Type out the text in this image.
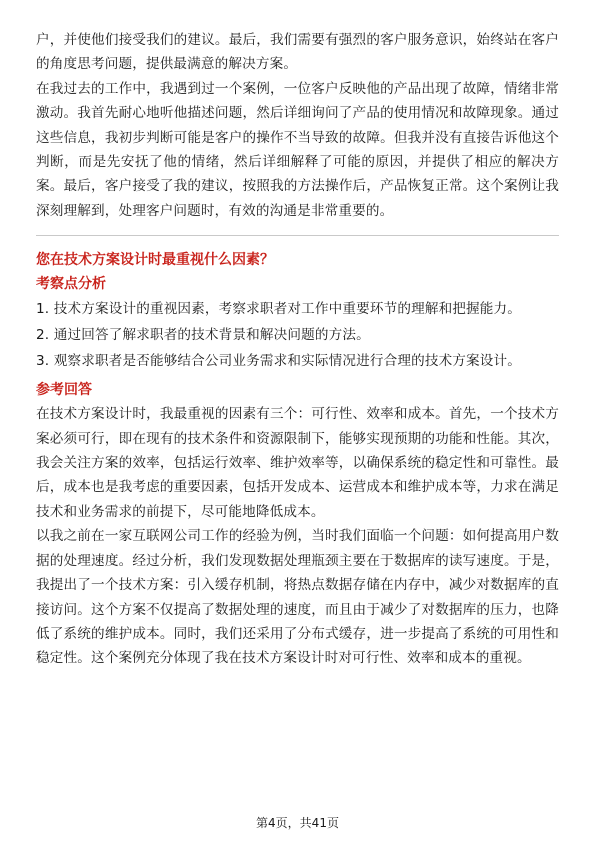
户，并使他们接受我们的建议。最后，我们需要有强烈的客户服务意识，始终站在客户的角度思考问题，提供最满意的解决方案。

在我过去的工作中，我遇到过一个案例，一位客户反映他的产品出现了故障，情绪非常激动。我首先耐心地听他描述问题，然后详细询问了产品的使用情况和故障现象。通过这些信息，我初步判断可能是客户的操作不当导致的故障。但我并没有直接告诉他这个判断，而是先安抚了他的情绪，然后详细解释了可能的原因，并提供了相应的解决方案。最后，客户接受了我的建议，按照我的方法操作后，产品恢复正常。这个案例让我深刻理解到，处理客户问题时，有效的沟通是非常重要的。

您在技术方案设计时最重视什么因素？
考察点分析

1. 技术方案设计的重视因素，考察求职者对工作中重要环节的理解和把握能力。

2. 通过回答了解求职者的技术背景和解决问题的方法。

3. 观察求职者是否能够结合公司业务需求和实际情况进行合理的技术方案设计。

参考回答

在技术方案设计时，我最重视的因素有三个：可行性、效率和成本。首先，一个技术方案必须可行，即在现有的技术条件和资源限制下，能够实现预期的功能和性能。其次，我会关注方案的效率，包括运行效率、维护效率等，以确保系统的稳定性和可靠性。最后，成本也是我考虑的重要因素，包括开发成本、运营成本和维护成本等，力求在满足技术和业务需求的前提下，尽可能地降低成本。

以我之前在一家互联网公司工作的经验为例，当时我们面临一个问题：如何提高用户数据的处理速度。经过分析，我们发现数据处理瓶颈主要在于数据库的读写速度。于是，我提出了一个技术方案：引入缓存机制，将热点数据存储在内存中，减少对数据库的直接访问。这个方案不仅提高了数据处理的速度，而且由于减少了对数据库的压力，也降低了系统的维护成本。同时，我们还采用了分布式缓存，进一步提高了系统的可用性和稳定性。这个案例充分体现了我在技术方案设计时对可行性、效率和成本的重视。

第4页，共41页
